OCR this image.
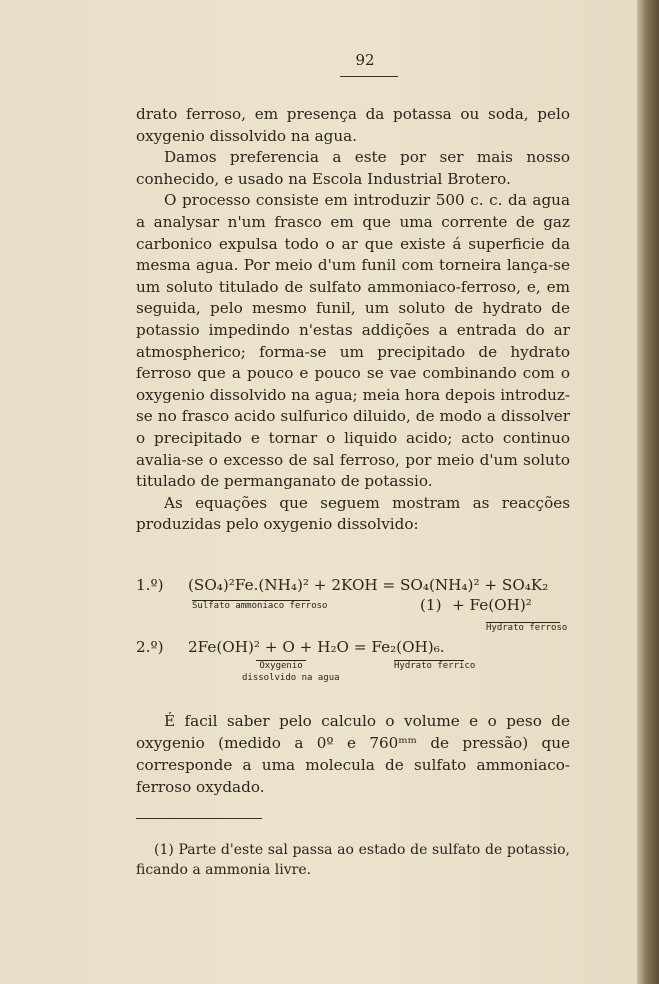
92

drato ferroso, em presença da potassa ou soda, pelo oxygenio dissolvido na agua.

Damos preferencia a este por ser mais nosso conhecido, e usado na Escola Industrial Brotero.

O processo consiste em introduzir 500 c. c. da agua a analysar n'um frasco em que uma corrente de gaz carbonico expulsa todo o ar que existe á superficie da mesma agua. Por meio d'um funil com torneira lança-se um soluto titulado de sulfato ammoniaco-ferroso, e, em seguida, pelo mesmo funil, um soluto de hydrato de potassio impedindo n'estas addições a entrada do ar atmospherico; forma-se um precipitado de hydrato ferroso que a pouco e pouco se vae combinando com o oxygenio dissolvido na agua; meia hora depois introduz-se no frasco acido sulfurico diluido, de modo a dissolver o precipitado e tornar o liquido acido; acto continuo avalia-se o excesso de sal ferroso, por meio d'um soluto titulado de permanganato de potassio.

As equações que seguem mostram as reacções produzidas pelo oxygenio dissolvido:

1.º) (SO₄)²Fe.(NH₄)² + 2KOH = SO₄(NH₄)² + SO₄K₂
Sulfato ammoniaco ferroso	(1) + Fe(OH)²
Hydrato ferroso
2.º) 2Fe(OH)² + O + H₂O = Fe₂(OH)₆.
Oxygenio
dissolvido na agua
Hydrato ferrico

É facil saber pelo calculo o volume e o peso de oxygenio (medido a 0º e 760ᵐᵐ de pressão) que corresponde a uma molecula de sulfato ammoniaco-ferroso oxydado.

(1) Parte d'este sal passa ao estado de sulfato de potassio, ficando a ammonia livre.
